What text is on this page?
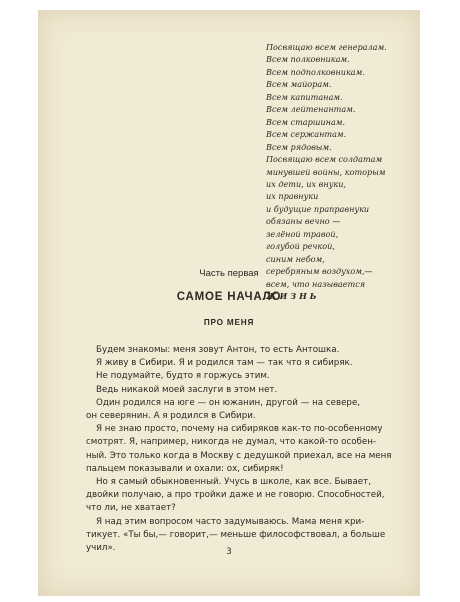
Посвящаю всем генералам.
Всем полковникам.
Всем подполковникам.
Всем майорам.
Всем капитанам.
Всем лейтенантам.
Всем старшинам.
Всем сержантам.
Всем рядовым.
Посвящаю всем солдатам
минувшей войны, которым
их дети, их внуки,
их правнуки
и будущие праправнуки
обязаны вечно —
зелёной травой,
голубой речкой,
синим небом,
серебряным воздухом,—
всем, что называется
ЖИЗНЬ
Часть первая
САМОЕ НАЧАЛО
ПРО МЕНЯ
Будем знакомы: меня зовут Антон, то есть Антошка.
Я живу в Сибири. Я и родился там — так что я сибиряк.
Не подумайте, будто я горжусь этим.
Ведь никакой моей заслуги в этом нет.
Один родился на юге — он южанин, другой — на севере,
он северянин. А я родился в Сибири.
Я не знаю просто, почему на сибиряков как-то по-особенному
смотрят. Я, например, никогда не думал, что какой-то особен-
ный. Это только когда в Москву с дедушкой приехал, все на меня
пальцем показывали и охали: ох, сибиряк!
Но я самый обыкновенный. Учусь в школе, как все. Бывает,
двойки получаю, а про тройки даже и не говорю. Способностей,
что ли, не хватает?
Я над этим вопросом часто задумываюсь. Мама меня кри-
тикует. «Ты бы,— говорит,— меньше философствовал, а больше
учил».	3
